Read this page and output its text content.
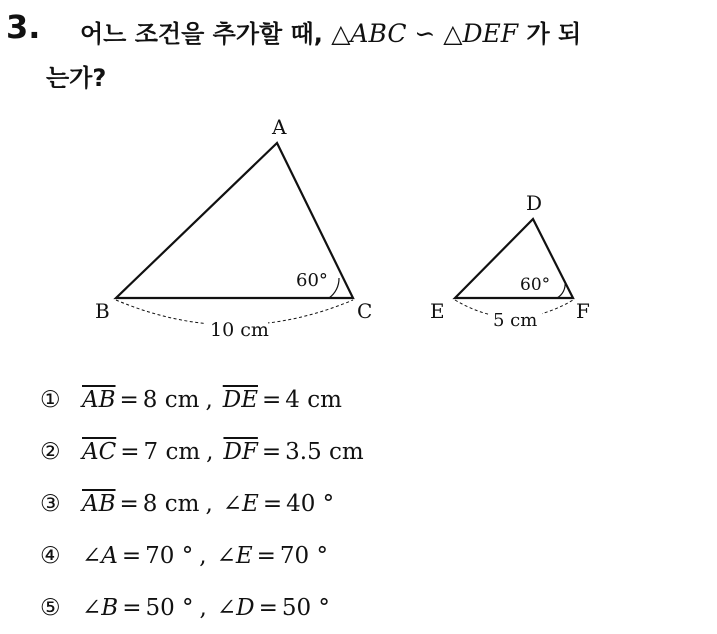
3. 어느 조건을 추가할 때, △ABC ∽ △DEF 가 되
는가?
A
B	C
60°
10 cm
D
E	F
60°
5 cm
① $\overline{AB} = 8$ cm , $\overline{DE} = 4$ cm
② $\overline{AC} = 7$ cm , $\overline{DF} = 3.5$ cm
③ $\overline{AB} = 8$ cm , ∠E = 40 °
④ ∠A = 70 ° , ∠E = 70 °
⑤ ∠B = 50 ° , ∠D = 50 °
